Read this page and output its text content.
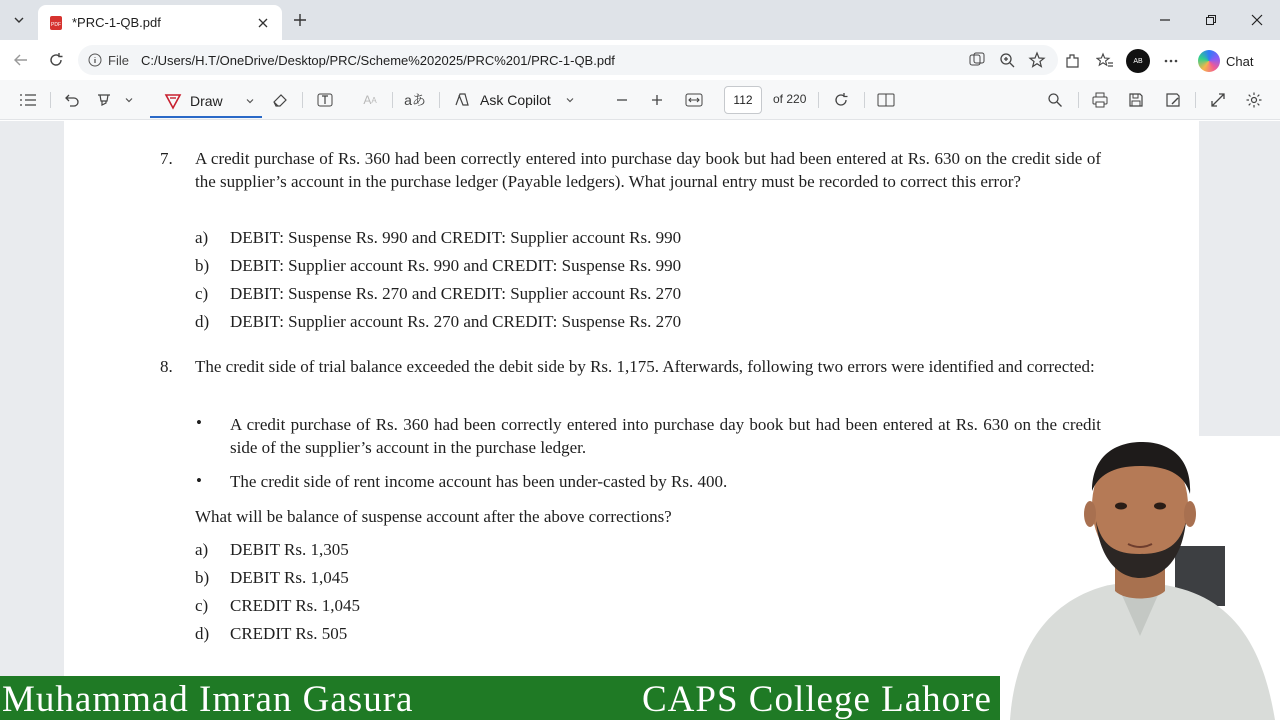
PDF *PRC-1-QB.pdf
File C:/Users/H.T/OneDrive/Desktop/PRC/Scheme%202025/PRC%201/PRC-1-QB.pdf	AB	Chat
Draw	A A aあ	Ask Copilot	112	of 220
7. A credit purchase of Rs. 360 had been correctly entered into purchase day book but had been entered at Rs. 630 on the credit side of the supplier’s account in the purchase ledger (Payable ledgers). What journal entry must be recorded to correct this error?
a) DEBIT: Suspense Rs. 990 and CREDIT: Supplier account Rs. 990
b) DEBIT: Supplier account Rs. 990 and CREDIT: Suspense Rs. 990
c) DEBIT: Suspense Rs. 270 and CREDIT: Supplier account Rs. 270
d) DEBIT: Supplier account Rs. 270 and CREDIT: Suspense Rs. 270
8. The credit side of trial balance exceeded the debit side by Rs. 1,175. Afterwards, following two errors were identified and corrected:
• A credit purchase of Rs. 360 had been correctly entered into purchase day book but had been entered at Rs. 630 on the credit side of the supplier’s account in the purchase ledger.
• The credit side of rent income account has been under-casted by Rs. 400.
What will be balance of suspense account after the above corrections?
a) DEBIT Rs. 1,305
b) DEBIT Rs. 1,045
c) CREDIT Rs. 1,045
d) CREDIT Rs. 505
Muhammad Imran Gasura	CAPS College Lahore
